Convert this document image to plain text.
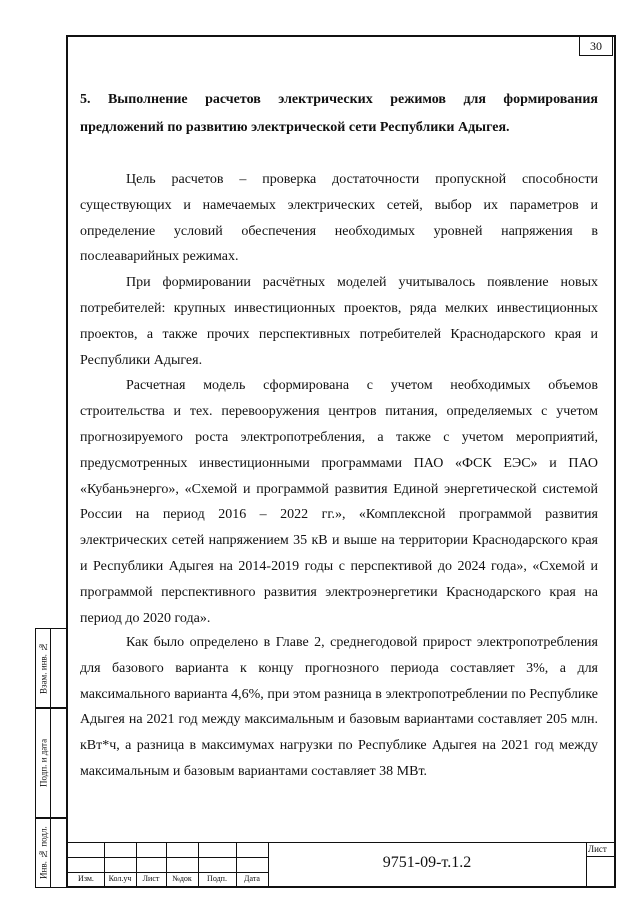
30
5. Выполнение расчетов электрических режимов для формирования предложений по развитию электрической сети Республики Адыгея.

Цель расчетов – проверка достаточности пропускной способности существующих и намечаемых электрических сетей, выбор их параметров и определение условий обеспечения необходимых уровней напряжения в послеаварийных режимах.

При формировании расчётных моделей учитывалось появление новых потребителей: крупных инвестиционных проектов, ряда мелких инвестиционных проектов, а также прочих перспективных потребителей Краснодарского края и Республики Адыгея.

Расчетная модель сформирована с учетом необходимых объемов строительства и тех. перевооружения центров питания, определяемых с учетом прогнозируемого роста электропотребления, а также с учетом мероприятий, предусмотренных инвестиционными программами ПАО «ФСК ЕЭС» и ПАО «Кубаньэнерго», «Схемой и программой развития Единой энергетической системой России на период 2016 – 2022 гг.», «Комплексной программой развития электрических сетей напряжением 35 кВ и выше на территории Краснодарского края и Республики Адыгея на 2014-2019 годы с перспективой до 2024 года», «Схемой и программой перспективного развития электроэнергетики Краснодарского края на период до 2020 года».

Как было определено в Главе 2, среднегодовой прирост электропотребления для базового варианта к концу прогнозного периода составляет 3%, а для максимального варианта 4,6%, при этом разница в электропотреблении по Республике Адыгея на 2021 год между максимальным и базовым вариантами составляет 205 млн. кВт*ч, а разница в максимумах нагрузки по Республике Адыгея на 2021 год между максимальным и базовым вариантами составляет 38 МВт.

Взам. инв. №
Подп. и дата
Инв. № подл.	Изм.	Кол.уч	Лист	№док	Подп.	Дата
9751-09-т.1.2
Лист
